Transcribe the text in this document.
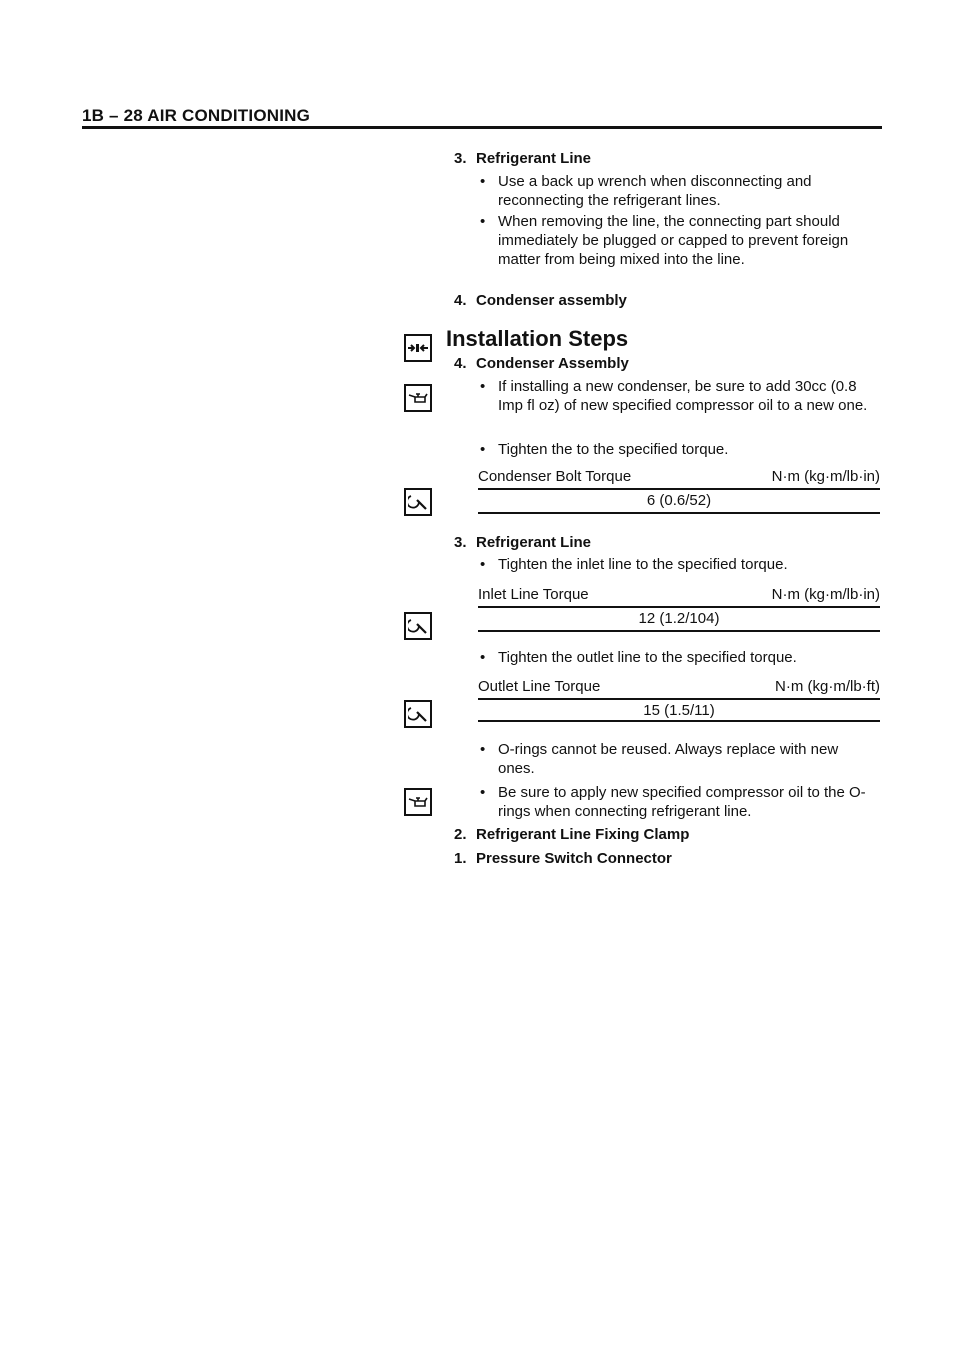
1B – 28 AIR CONDITIONING
3. Refrigerant Line
• Use a back up wrench when disconnecting and reconnecting the refrigerant lines.
• When removing the line, the connecting part should immediately be plugged or capped to prevent foreign matter from being mixed into the line.
4. Condenser assembly
Installation Steps
4. Condenser Assembly
• If installing a new condenser, be sure to add 30cc (0.8 Imp fl oz) of new specified compressor oil to a new one.
• Tighten the to the specified torque.
Condenser Bolt Torque	N·m (kg·m/lb·in)
6 (0.6/52)
3. Refrigerant Line
• Tighten the inlet line to the specified torque.
Inlet Line Torque	N·m (kg·m/lb·in)
12 (1.2/104)
• Tighten the outlet line to the specified torque.
Outlet Line Torque	N·m (kg·m/lb·ft)
15 (1.5/11)
• O-rings cannot be reused. Always replace with new ones.
• Be sure to apply new specified compressor oil to the O-rings when connecting refrigerant line.
2. Refrigerant Line Fixing Clamp
1. Pressure Switch Connector
